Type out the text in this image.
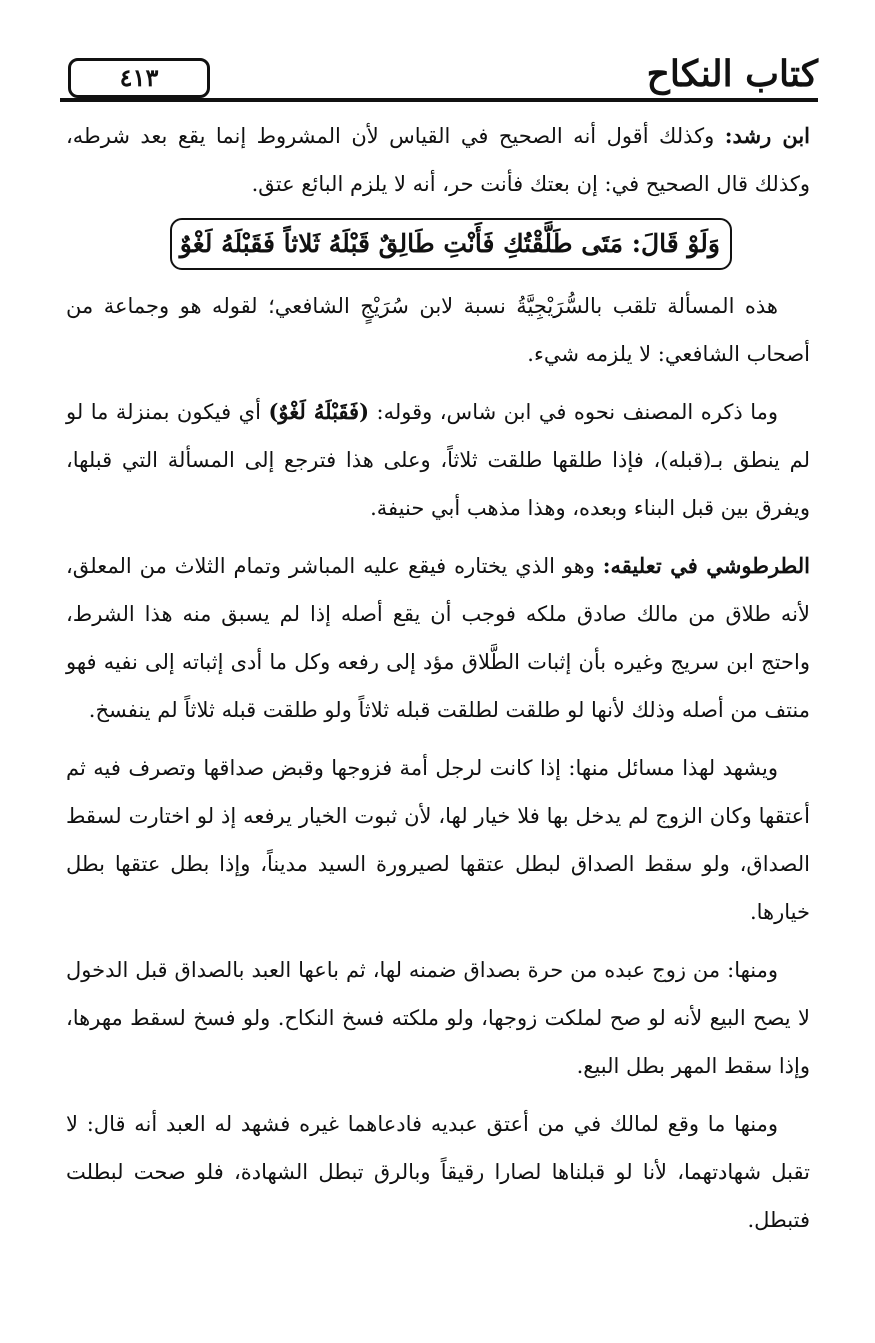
كتاب النكاح
٤١٣

ابن رشد: وكذلك أقول أنه الصحيح في القياس لأن المشروط إنما يقع بعد شرطه، وكذلك قال الصحيح في: إن بعتك فأنت حر، أنه لا يلزم البائع عتق.

وَلَوْ قَالَ: مَتَى طَلَّقْتُكِ فَأَنْتِ طَالِقٌ قَبْلَهُ ثَلاثاً فَقَبْلَهُ لَغْوٌ

هذه المسألة تلقب بالسُّرَيْجِيَّةُ نسبة لابن سُرَيْجٍ الشافعي؛ لقوله هو وجماعة من أصحاب الشافعي: لا يلزمه شيء.

وما ذكره المصنف نحوه في ابن شاس، وقوله: (فَقَبْلَهُ لَغْوٌ) أي فيكون بمنزلة ما لو لم ينطق بـ(قبله)، فإذا طلقها طلقت ثلاثاً، وعلى هذا فترجع إلى المسألة التي قبلها، ويفرق بين قبل البناء وبعده، وهذا مذهب أبي حنيفة.

الطرطوشي في تعليقه: وهو الذي يختاره فيقع عليه المباشر وتمام الثلاث من المعلق، لأنه طلاق من مالك صادق ملكه فوجب أن يقع أصله إذا لم يسبق منه هذا الشرط، واحتج ابن سريج وغيره بأن إثبات الطَّلاق مؤد إلى رفعه وكل ما أدى إثباته إلى نفيه فهو منتف من أصله وذلك لأنها لو طلقت لطلقت قبله ثلاثاً ولو طلقت قبله ثلاثاً لم ينفسخ.

ويشهد لهذا مسائل منها: إذا كانت لرجل أمة فزوجها وقبض صداقها وتصرف فيه ثم أعتقها وكان الزوج لم يدخل بها فلا خيار لها، لأن ثبوت الخيار يرفعه إذ لو اختارت لسقط الصداق، ولو سقط الصداق لبطل عتقها لصيرورة السيد مديناً، وإذا بطل عتقها بطل خيارها.

ومنها: من زوج عبده من حرة بصداق ضمنه لها، ثم باعها العبد بالصداق قبل الدخول لا يصح البيع لأنه لو صح لملكت زوجها، ولو ملكته فسخ النكاح. ولو فسخ لسقط مهرها، وإذا سقط المهر بطل البيع.

ومنها ما وقع لمالك في من أعتق عبديه فادعاهما غيره فشهد له العبد أنه قال: لا تقبل شهادتهما، لأنا لو قبلناها لصارا رقيقاً وبالرق تبطل الشهادة، فلو صحت لبطلت فتبطل.
